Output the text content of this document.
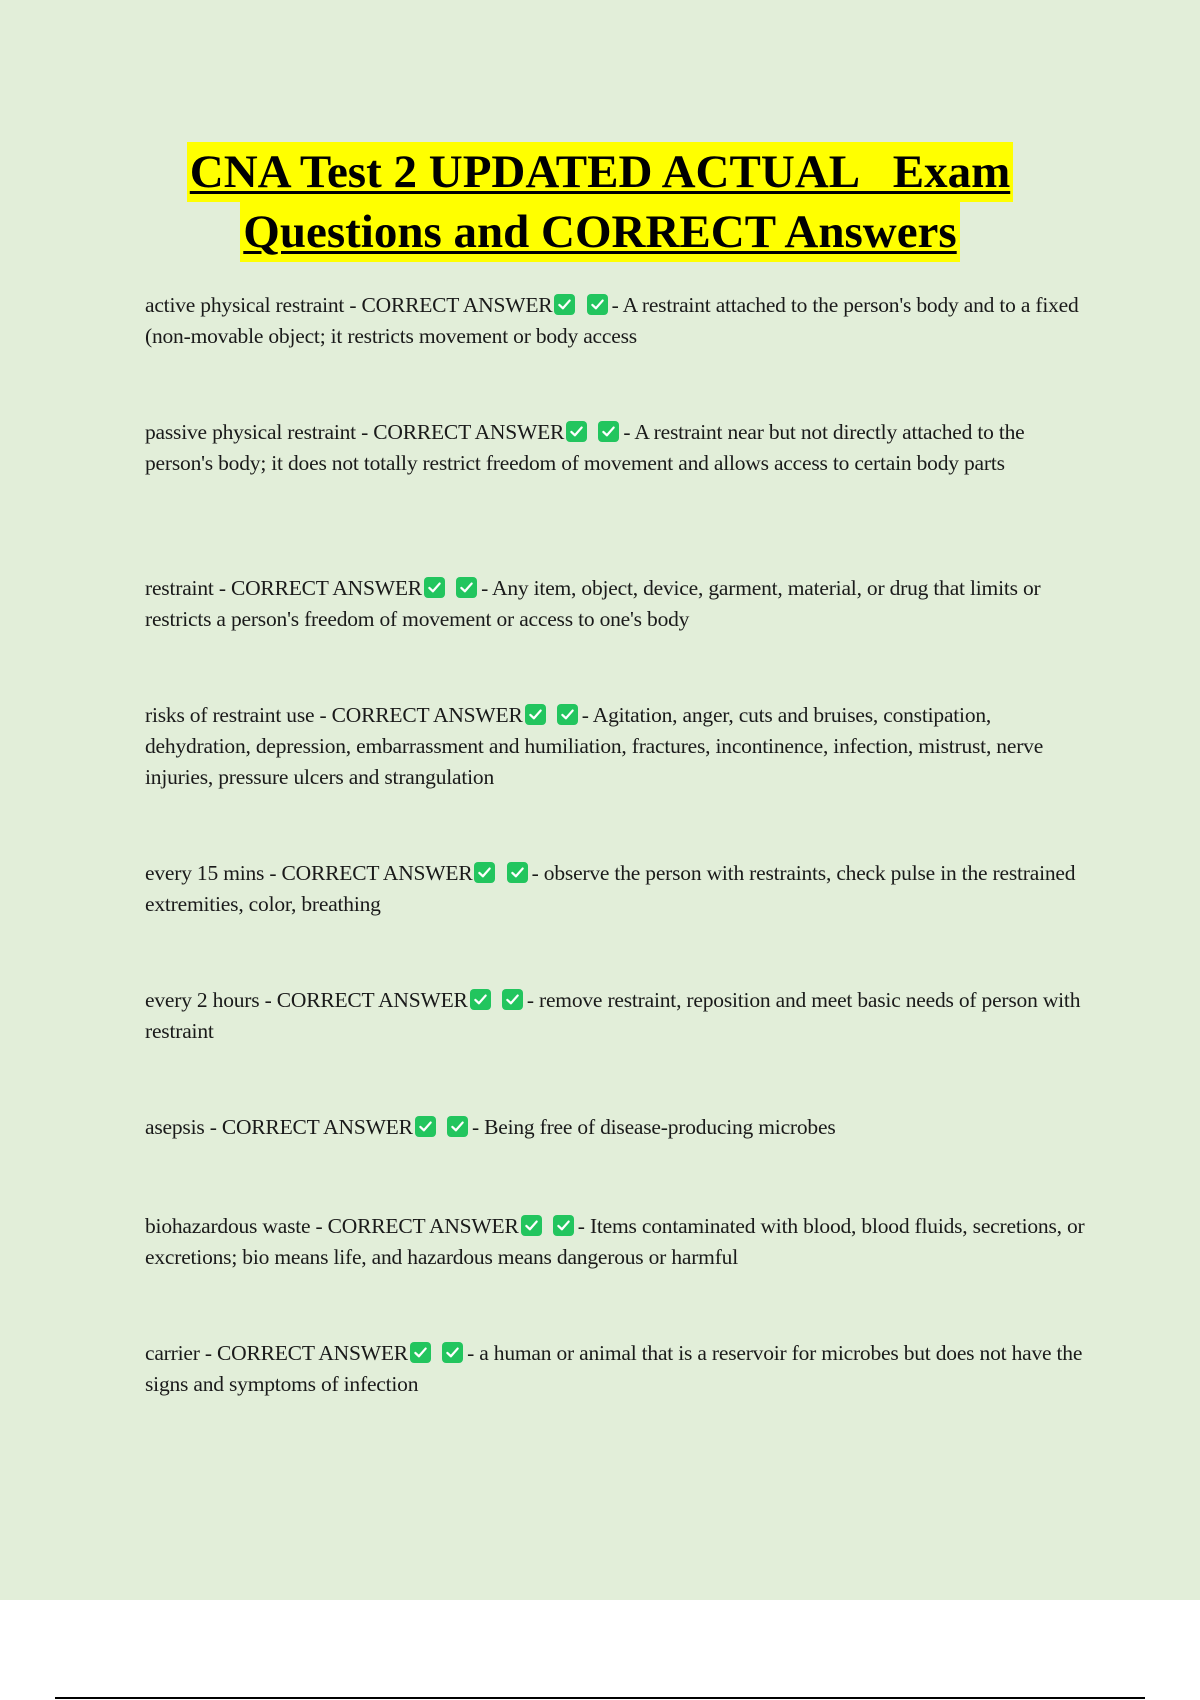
CNA Test 2 UPDATED ACTUAL   Exam
Questions and CORRECT Answers
active physical restraint - CORRECT ANSWER
	- A restraint attached to the person's body and to a fixed (non-movable object; it restricts movement or body access
passive physical restraint - CORRECT ANSWER
	- A restraint near but not directly attached to the person's body; it does not totally restrict freedom of movement and allows access to certain body parts
restraint - CORRECT ANSWER
	- Any item, object, device, garment, material, or drug that limits or restricts a person's freedom of movement or access to one's body
risks of restraint use - CORRECT ANSWER
	- Agitation, anger, cuts and bruises, constipation, dehydration, depression, embarrassment and humiliation, fractures, incontinence, infection, mistrust, nerve injuries, pressure ulcers and strangulation
every 15 mins - CORRECT ANSWER
	- observe the person with restraints, check pulse in the restrained extremities, color, breathing
every 2 hours - CORRECT ANSWER
	- remove restraint, reposition and meet basic needs of person with restraint
asepsis - CORRECT ANSWER
	- Being free of disease-producing microbes
biohazardous waste - CORRECT ANSWER
	- Items contaminated with blood, blood fluids, secretions, or excretions; bio means life, and hazardous means dangerous or harmful
carrier - CORRECT ANSWER
	- a human or animal that is a reservoir for microbes but does not have the signs and symptoms of infection
